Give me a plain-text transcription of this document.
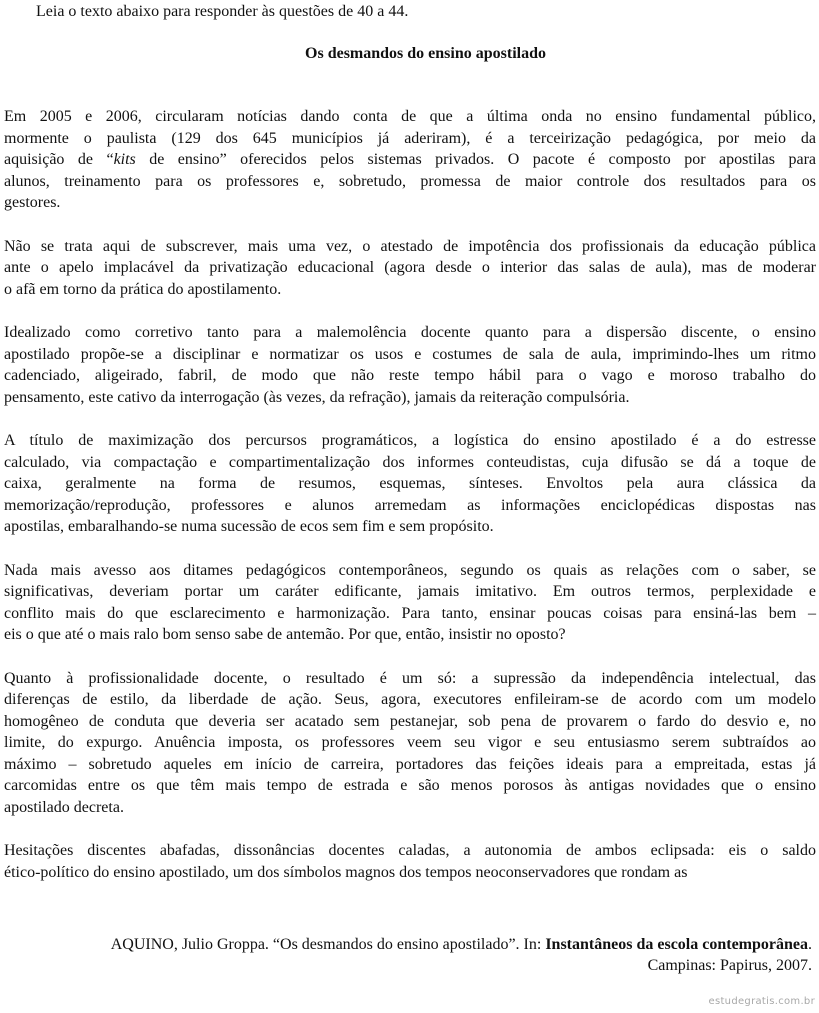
Leia o texto abaixo para responder às questões de 40 a 44.
Os desmandos do ensino apostilado
Em 2005 e 2006, circularam notícias dando conta de que a última onda no ensino fundamental público,
mormente o paulista (129 dos 645 municípios já aderiram), é a terceirização pedagógica, por meio da
aquisição de “kits de ensino” oferecidos pelos sistemas privados. O pacote é composto por apostilas para
alunos, treinamento para os professores e, sobretudo, promessa de maior controle dos resultados para os
gestores.
Não se trata aqui de subscrever, mais uma vez, o atestado de impotência dos profissionais da educação pública
ante o apelo implacável da privatização educacional (agora desde o interior das salas de aula), mas de moderar
o afã em torno da prática do apostilamento.
Idealizado como corretivo tanto para a malemolência docente quanto para a dispersão discente, o ensino
apostilado propõe-se a disciplinar e normatizar os usos e costumes de sala de aula, imprimindo-lhes um ritmo
cadenciado, aligeirado, fabril, de modo que não reste tempo hábil para o vago e moroso trabalho do
pensamento, este cativo da interrogação (às vezes, da refração), jamais da reiteração compulsória.
A título de maximização dos percursos programáticos, a logística do ensino apostilado é a do estresse
calculado, via compactação e compartimentalização dos informes conteudistas, cuja difusão se dá a toque de
caixa, geralmente na forma de resumos, esquemas, sínteses. Envoltos pela aura clássica da
memorização/reprodução, professores e alunos arremedam as informações enciclopédicas dispostas nas
apostilas, embaralhando-se numa sucessão de ecos sem fim e sem propósito.
Nada mais avesso aos ditames pedagógicos contemporâneos, segundo os quais as relações com o saber, se
significativas, deveriam portar um caráter edificante, jamais imitativo. Em outros termos, perplexidade e
conflito mais do que esclarecimento e harmonização. Para tanto, ensinar poucas coisas para ensiná-las bem –
eis o que até o mais ralo bom senso sabe de antemão. Por que, então, insistir no oposto?
Quanto à profissionalidade docente, o resultado é um só: a supressão da independência intelectual, das
diferenças de estilo, da liberdade de ação. Seus, agora, executores enfileiram-se de acordo com um modelo
homogêneo de conduta que deveria ser acatado sem pestanejar, sob pena de provarem o fardo do desvio e, no
limite, do expurgo. Anuência imposta, os professores veem seu vigor e seu entusiasmo serem subtraídos ao
máximo – sobretudo aqueles em início de carreira, portadores das feições ideais para a empreitada, estas já
carcomidas entre os que têm mais tempo de estrada e são menos porosos às antigas novidades que o ensino
apostilado decreta.
Hesitações discentes abafadas, dissonâncias docentes caladas, a autonomia de ambos eclipsada: eis o saldo
ético-político do ensino apostilado, um dos símbolos magnos dos tempos neoconservadores que rondam as
AQUINO, Julio Groppa. “Os desmandos do ensino apostilado”. In: Instantâneos da escola contemporânea.
Campinas: Papirus, 2007.
estudegratis.com.br
